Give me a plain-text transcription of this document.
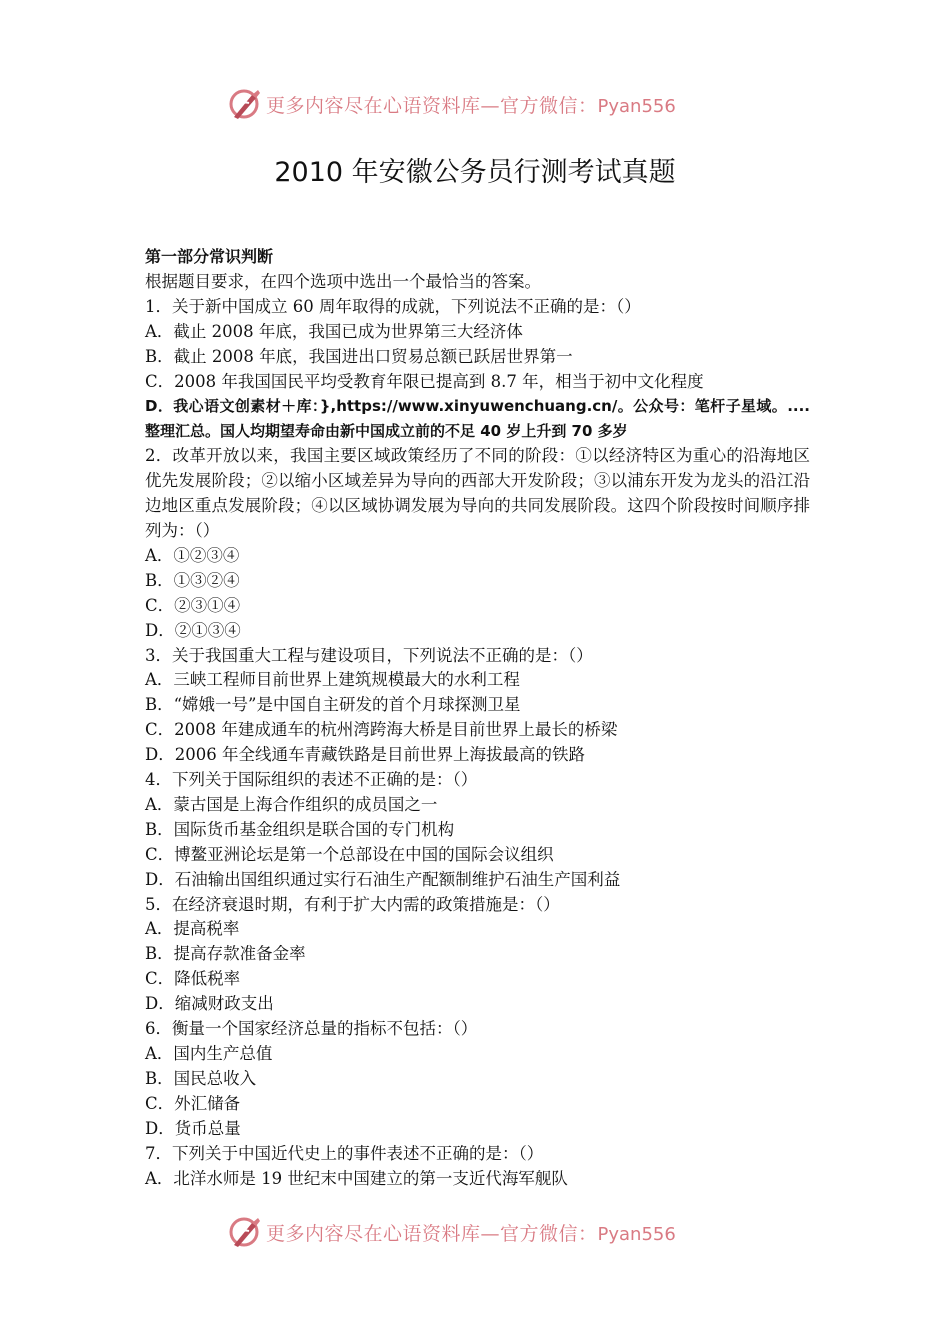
更多内容尽在心语资料库—官方微信：Pyan556
2010 年安徽公务员行测考试真题
第一部分常识判断
根据题目要求，在四个选项中选出一个最恰当的答案。
1．关于新中国成立 60 周年取得的成就，下列说法不正确的是：（）
A．截止 2008 年底，我国已成为世界第三大经济体
B．截止 2008 年底，我国进出口贸易总额已跃居世界第一
C．2008 年我国国民平均受教育年限已提高到 8.7 年，相当于初中文化程度
D．我心语文创素材＋库：},https://www.xinyuwenchuang.cn/。公众号：笔杆子星域。....整理汇总。国人均期望寿命由新中国成立前的不足 40 岁上升到 70 多岁
2．改革开放以来，我国主要区域政策经历了不同的阶段：①以经济特区为重心的沿海地区优先发展阶段；②以缩小区域差异为导向的西部大开发阶段；③以浦东开发为龙头的沿江沿边地区重点发展阶段；④以区域协调发展为导向的共同发展阶段。这四个阶段按时间顺序排列为：（）
A．①②③④
B．①③②④
C．②③①④
D．②①③④
3．关于我国重大工程与建设项目，下列说法不正确的是：（）
A．三峡工程师目前世界上建筑规模最大的水利工程
B．“嫦娥一号”是中国自主研发的首个月球探测卫星
C．2008 年建成通车的杭州湾跨海大桥是目前世界上最长的桥梁
D．2006 年全线通车青藏铁路是目前世界上海拔最高的铁路
4．下列关于国际组织的表述不正确的是：（）
A．蒙古国是上海合作组织的成员国之一
B．国际货币基金组织是联合国的专门机构
C．博鳌亚洲论坛是第一个总部设在中国的国际会议组织
D．石油输出国组织通过实行石油生产配额制维护石油生产国利益
5．在经济衰退时期，有利于扩大内需的政策措施是：（）
A．提高税率
B．提高存款准备金率
C．降低税率
D．缩减财政支出
6．衡量一个国家经济总量的指标不包括：（）
A．国内生产总值
B．国民总收入
C．外汇储备
D．货币总量
7．下列关于中国近代史上的事件表述不正确的是：（）
A．北洋水师是 19 世纪末中国建立的第一支近代海军舰队
更多内容尽在心语资料库—官方微信：Pyan556
